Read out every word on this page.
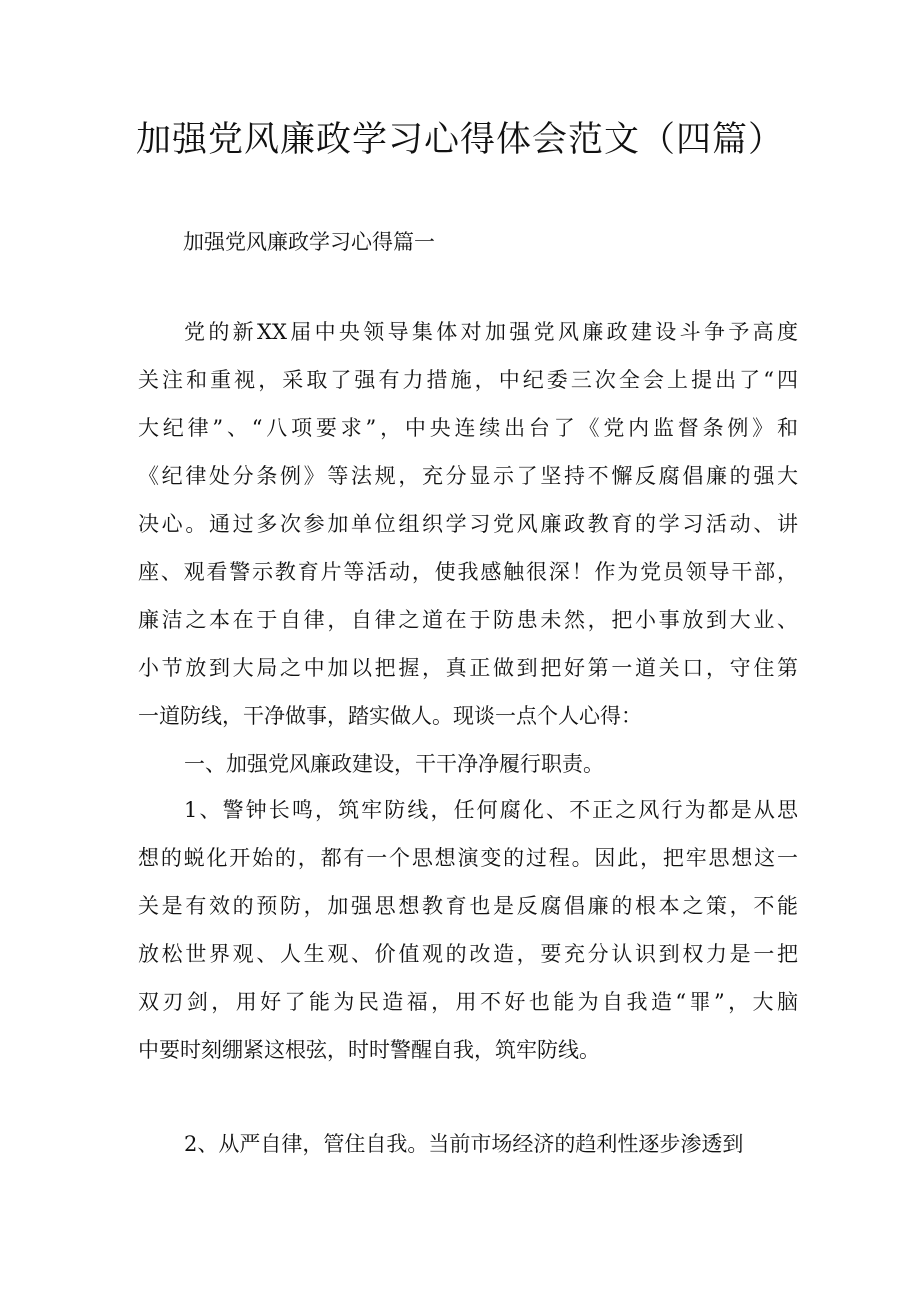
加强党风廉政学习心得体会范文（四篇）
加强党风廉政学习心得篇一
党的新XX届中央领导集体对加强党风廉政建设斗争予高度
关注和重视，采取了强有力措施，中纪委三次全会上提出了“四
大纪律”、“八项要求”，中央连续出台了《党内监督条例》和
《纪律处分条例》等法规，充分显示了坚持不懈反腐倡廉的强大
决心。通过多次参加单位组织学习党风廉政教育的学习活动、讲
座、观看警示教育片等活动，使我感触很深！作为党员领导干部，
廉洁之本在于自律，自律之道在于防患未然，把小事放到大业、
小节放到大局之中加以把握，真正做到把好第一道关口，守住第
一道防线，干净做事，踏实做人。现谈一点个人心得：
一、加强党风廉政建设，干干净净履行职责。
1、警钟长鸣，筑牢防线，任何腐化、不正之风行为都是从思
想的蜕化开始的，都有一个思想演变的过程。因此，把牢思想这一
关是有效的预防，加强思想教育也是反腐倡廉的根本之策，不能
放松世界观、人生观、价值观的改造，要充分认识到权力是一把
双刃剑，用好了能为民造福，用不好也能为自我造“罪”，大脑
中要时刻绷紧这根弦，时时警醒自我，筑牢防线。
2、从严自律，管住自我。当前市场经济的趋利性逐步渗透到
